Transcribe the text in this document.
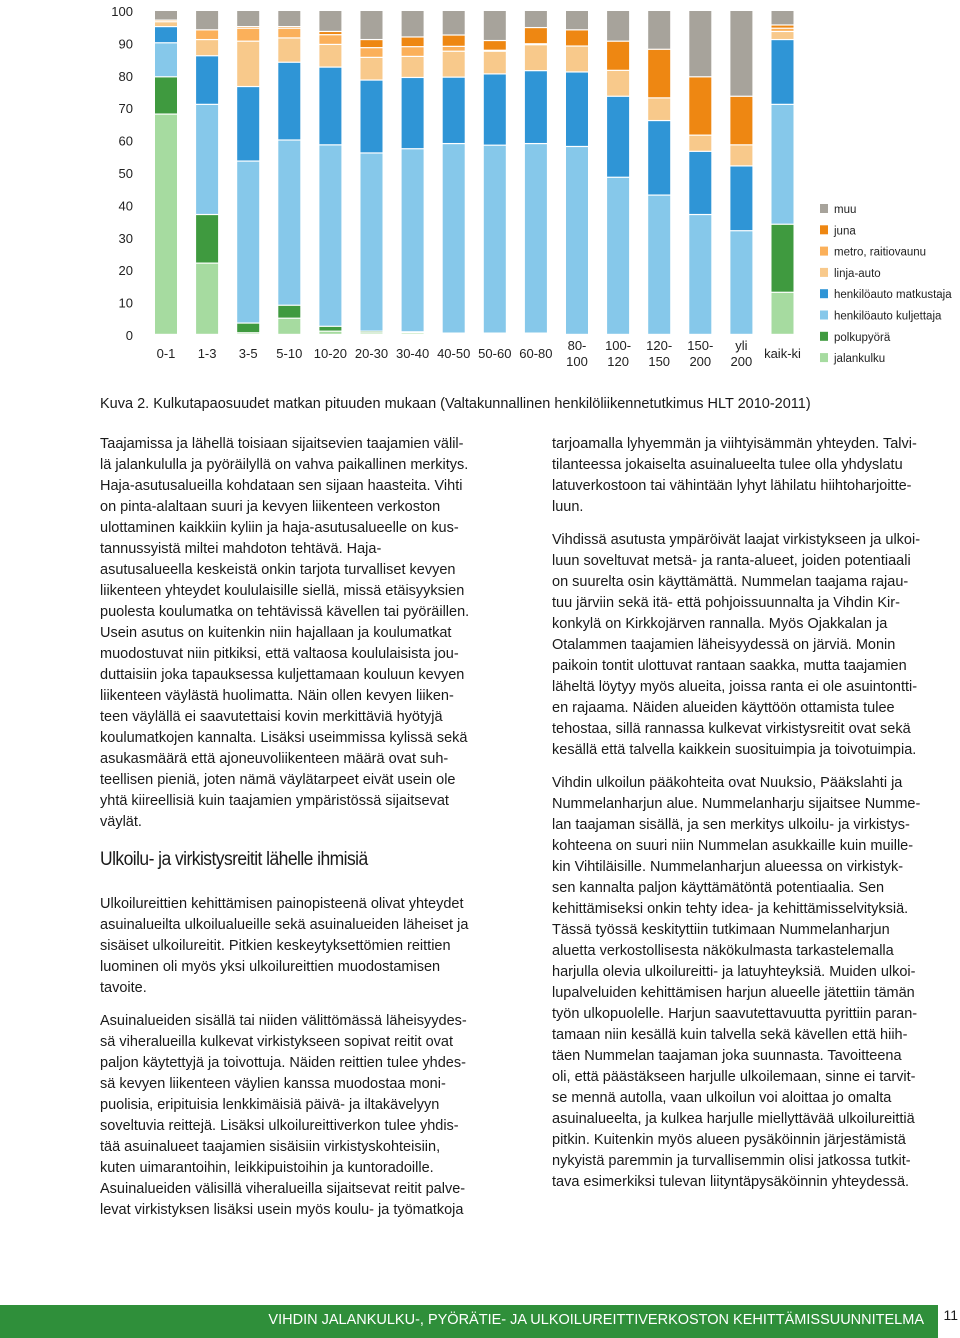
0
10
20
30
40
50
60
70
80
90
100
0-1 1-3 3-5 5-10 10-20 20-30 30-40 40-50 50-60 60-80
80-
100
100-
120
120-
150
150-
200
yli
200
kaik-ki
muu
juna
metro, raitiovaunu
linja-auto
henkilöauto matkustaja
henkilöauto kuljettaja
polkupyörä
jalankulku
Kuva 2. Kulkutapaosuudet matkan pituuden mukaan (Valtakunnallinen henkilöliikennetutkimus HLT 2010-2011)

Taajamissa ja lähellä toisiaan sijaitsevien taajamien välil-
lä jalankululla ja pyöräilyllä on vahva paikallinen merkitys.
Haja-asutusalueilla kohdataan sen sijaan haasteita. Vihti
on pinta-alaltaan suuri ja kevyen liikenteen verkoston
ulottaminen kaikkiin kyliin ja haja-asutusalueelle on kus-
tannussyistä miltei mahdoton tehtävä. Haja-
asutusalueella keskeistä onkin tarjota turvalliset kevyen
liikenteen yhteydet koululaisille siellä, missä etäisyyksien
puolesta koulumatka on tehtävissä kävellen tai pyöräillen.
Usein asutus on kuitenkin niin hajallaan ja koulumatkat
muodostuvat niin pitkiksi, että valtaosa koululaisista jou-
duttaisiin joka tapauksessa kuljettamaan kouluun kevyen
liikenteen väylästä huolimatta. Näin ollen kevyen liiken-
teen väylällä ei saavutettaisi kovin merkittäviä hyötyjä
koulumatkojen kannalta. Lisäksi useimmissa kylissä sekä
asukasmäärä että ajoneuvoliikenteen määrä ovat suh-
teellisen pieniä, joten nämä väylätarpeet eivät usein ole
yhtä kiireellisiä kuin taajamien ympäristössä sijaitsevat
väylät.

Ulkoilu- ja virkistysreitit lähelle ihmisiä

Ulkoilureittien kehittämisen painopisteenä olivat yhteydet
asuinalueilta ulkoilualueille sekä asuinalueiden läheiset ja
sisäiset ulkoilureitit. Pitkien keskeytyksettömien reittien
luominen oli myös yksi ulkoilureittien muodostamisen
tavoite.

Asuinalueiden sisällä tai niiden välittömässä läheisyydes-
sä viheralueilla kulkevat virkistykseen sopivat reitit ovat
paljon käytettyjä ja toivottuja. Näiden reittien tulee yhdes-
sä kevyen liikenteen väylien kanssa muodostaa moni-
puolisia, eripituisia lenkkimäisiä päivä- ja iltakävelyyn
soveltuvia reittejä. Lisäksi ulkoilureittiverkon tulee yhdis-
tää asuinalueet taajamien sisäisiin virkistyskohteisiin,
kuten uimarantoihin, leikkipuistoihin ja kuntoradoille.
Asuinalueiden välisillä viheralueilla sijaitsevat reitit palve-
levat virkistyksen lisäksi usein myös koulu- ja työmatkoja

tarjoamalla lyhyemmän ja viihtyisämmän yhteyden. Talvi-
tilanteessa jokaiselta asuinalueelta tulee olla yhdyslatu
latuverkostoon tai vähintään lyhyt lähilatu hiihtoharjoitte-
luun.

Vihdissä asutusta ympäröivät laajat virkistykseen ja ulkoi-
luun soveltuvat metsä- ja ranta-alueet, joiden potentiaali
on suurelta osin käyttämättä. Nummelan taajama rajau-
tuu järviin sekä itä- että pohjoissuunnalta ja Vihdin Kir-
konkylä on Kirkkojärven rannalla. Myös Ojakkalan ja
Otalammen taajamien läheisyydessä on järviä. Monin
paikoin tontit ulottuvat rantaan saakka, mutta taajamien
läheltä löytyy myös alueita, joissa ranta ei ole asuintontti-
en rajaama. Näiden alueiden käyttöön ottamista tulee
tehostaa, sillä rannassa kulkevat virkistysreitit ovat sekä
kesällä että talvella kaikkein suosituimpia ja toivotuimpia.

Vihdin ulkoilun pääkohteita ovat Nuuksio, Pääkslahti ja
Nummelanharjun alue. Nummelanharju sijaitsee Numme-
lan taajaman sisällä, ja sen merkitys ulkoilu- ja virkistys-
kohteena on suuri niin Nummelan asukkaille kuin muille-
kin Vihtiläisille. Nummelanharjun alueessa on virkistyk-
sen kannalta paljon käyttämätöntä potentiaalia. Sen
kehittämiseksi onkin tehty idea- ja kehittämisselvityksiä.
Tässä työssä keskityttiin tutkimaan Nummelanharjun
aluetta verkostollisesta näkökulmasta tarkastelemalla
harjulla olevia ulkoilureitti- ja latuyhteyksiä. Muiden ulkoi-
lupalveluiden kehittämisen harjun alueelle jätettiin tämän
työn ulkopuolelle. Harjun saavutettavuutta pyrittiin paran-
tamaan niin kesällä kuin talvella sekä kävellen että hiih-
täen Nummelan taajaman joka suunnasta. Tavoitteena
oli, että päästäkseen harjulle ulkoilemaan, sinne ei tarvit-
se mennä autolla, vaan ulkoilun voi aloittaa jo omalta
asuinalueelta, ja kulkea harjulle miellyttävää ulkoilureittiä
pitkin. Kuitenkin myös alueen pysäköinnin järjestämistä
nykyistä paremmin ja turvallisemmin olisi jatkossa tutkit-
tava esimerkiksi tulevan liityntäpysäköinnin yhteydessä.

VIHDIN JALANKULKU-, PYÖRÄTIE- JA ULKOILUREITTIVERKOSTON KEHITTÄMISSUUNNITELMA 11
